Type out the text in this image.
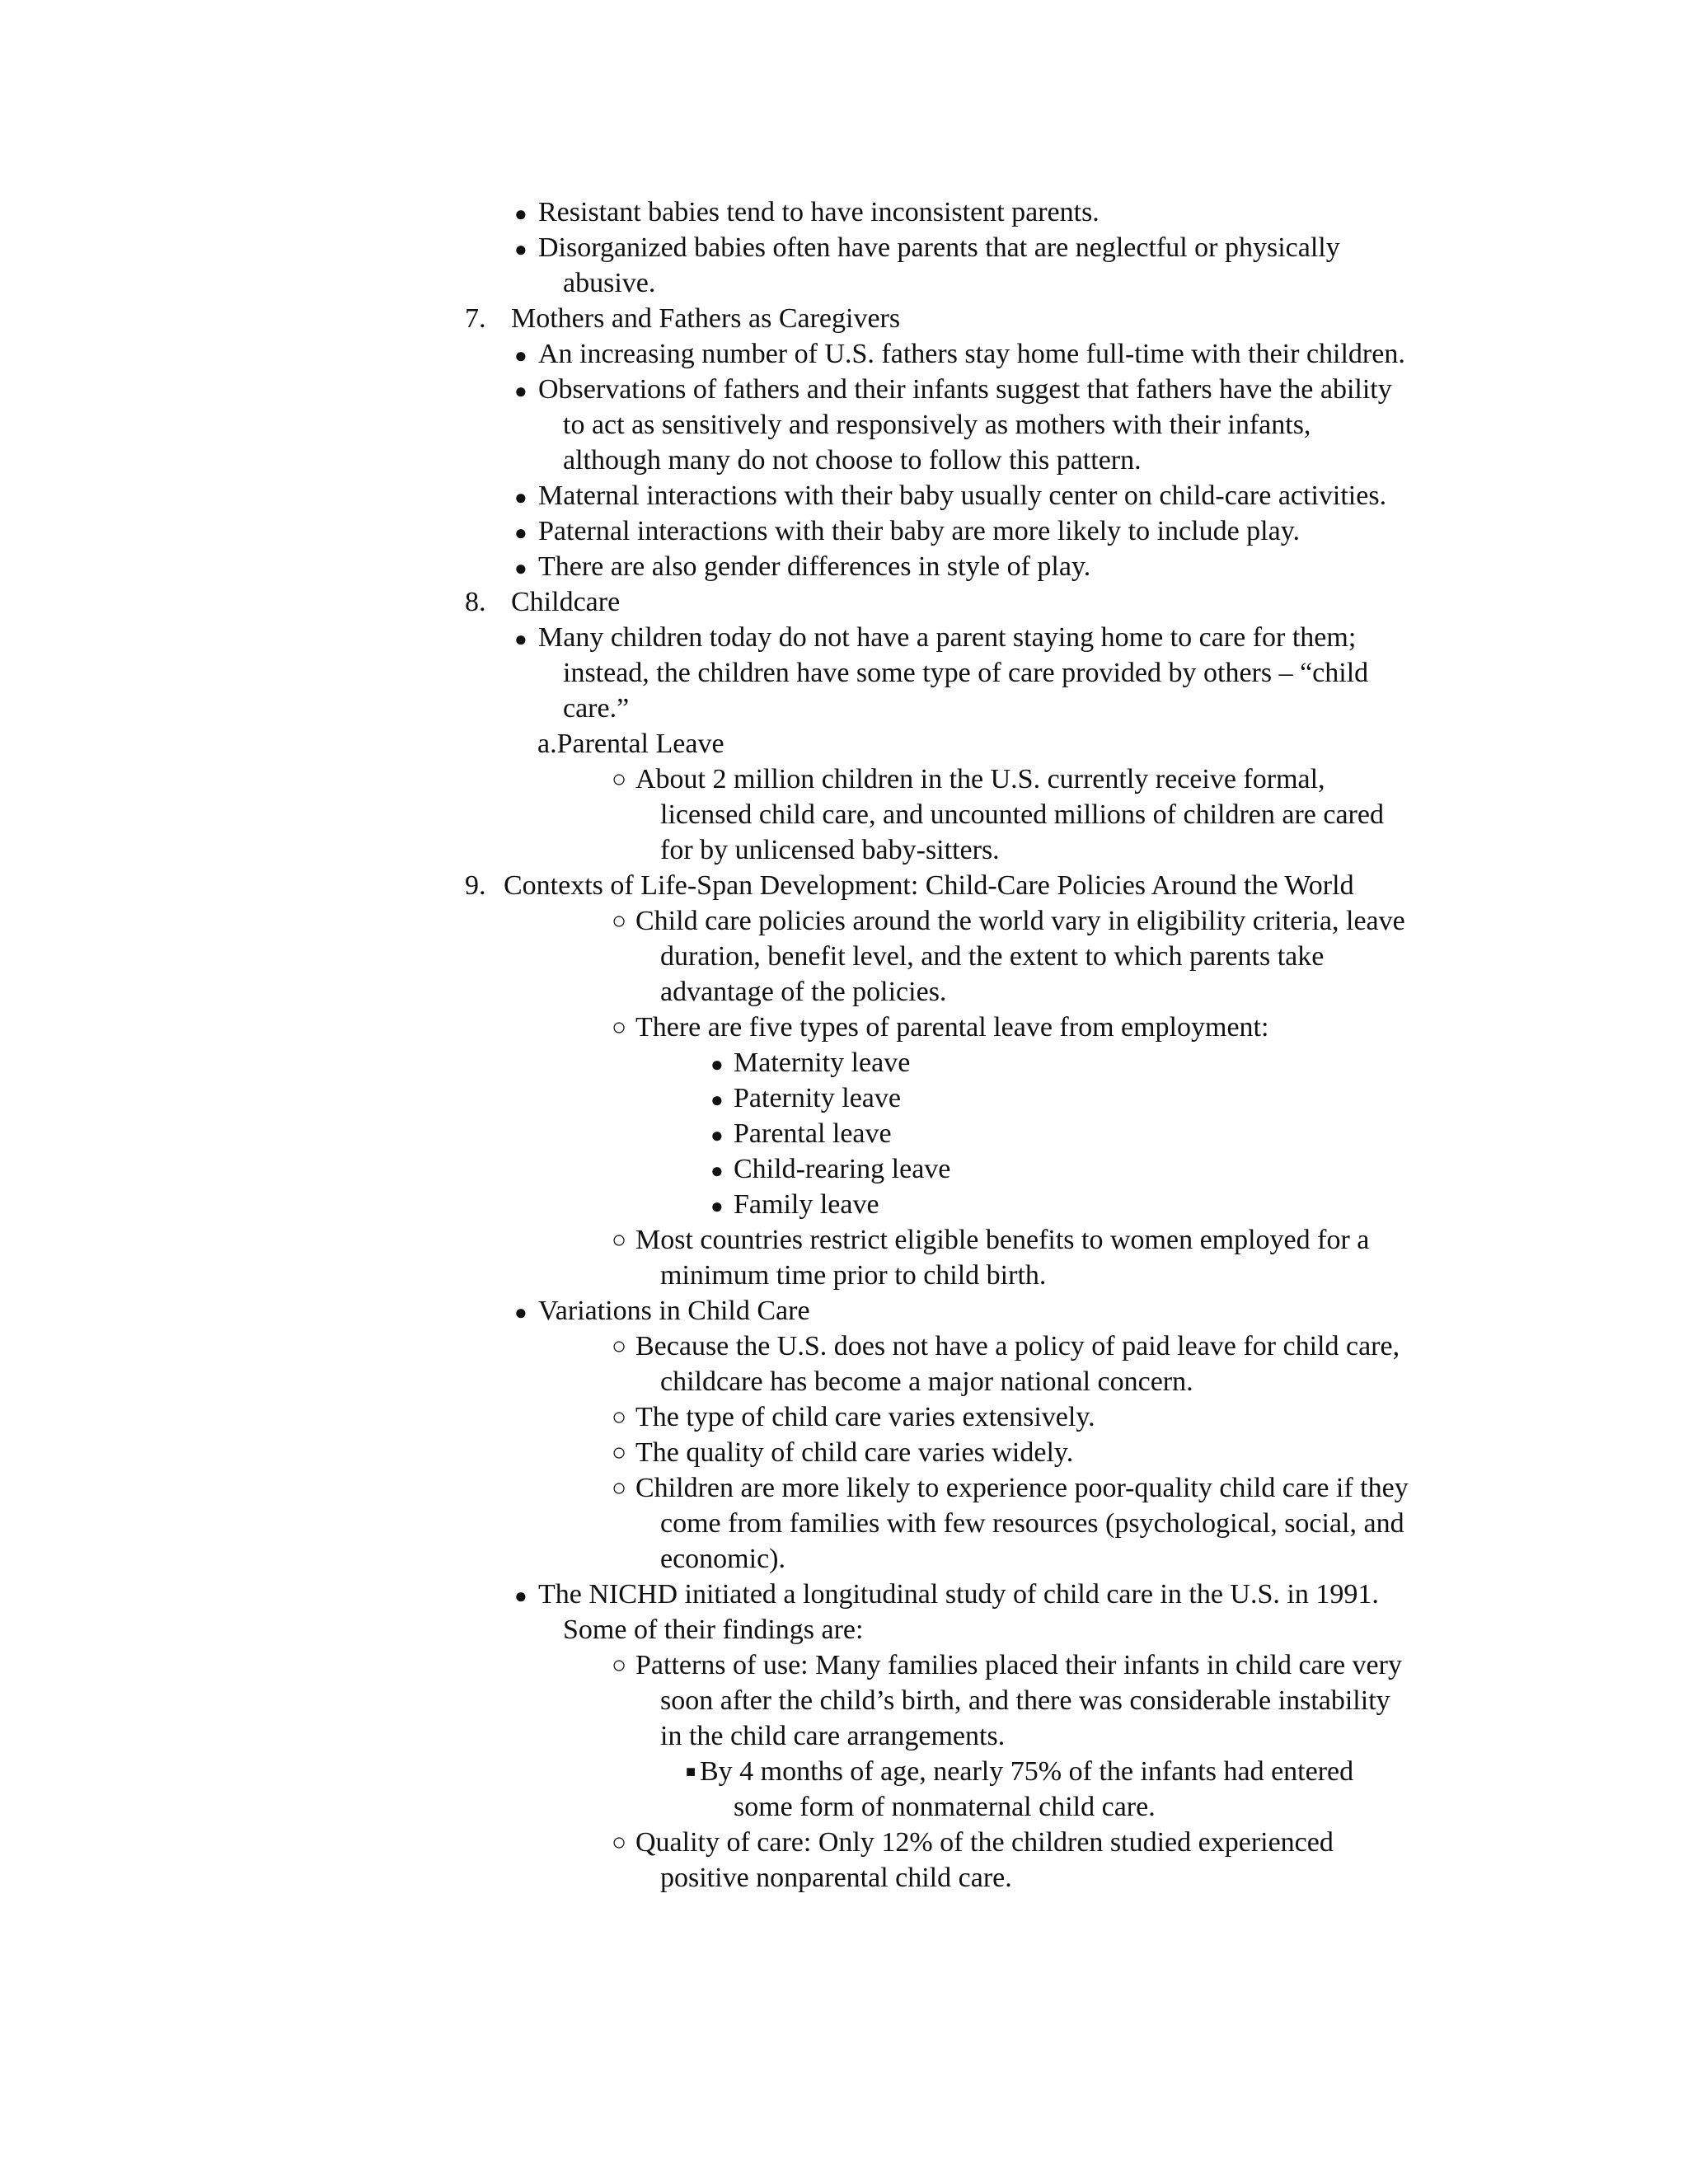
● Resistant babies tend to have inconsistent parents.
● Disorganized babies often have parents that are neglectful or physically
abusive.
7. Mothers and Fathers as Caregivers
● An increasing number of U.S. fathers stay home full-time with their children.
● Observations of fathers and their infants suggest that fathers have the ability
to act as sensitively and responsively as mothers with their infants,
although many do not choose to follow this pattern.
● Maternal interactions with their baby usually center on child-care activities.
● Paternal interactions with their baby are more likely to include play.
● There are also gender differences in style of play.
8. Childcare
● Many children today do not have a parent staying home to care for them;
instead, the children have some type of care provided by others – “child
care.”
a.Parental Leave
○ About 2 million children in the U.S. currently receive formal,
licensed child care, and uncounted millions of children are cared
for by unlicensed baby-sitters.
9. Contexts of Life-Span Development: Child-Care Policies Around the World
○ Child care policies around the world vary in eligibility criteria, leave
duration, benefit level, and the extent to which parents take
advantage of the policies.
○ There are five types of parental leave from employment:
● Maternity leave
● Paternity leave
● Parental leave
● Child-rearing leave
● Family leave
○ Most countries restrict eligible benefits to women employed for a
minimum time prior to child birth.
● Variations in Child Care
○ Because the U.S. does not have a policy of paid leave for child care,
childcare has become a major national concern.
○ The type of child care varies extensively.
○ The quality of child care varies widely.
○ Children are more likely to experience poor-quality child care if they
come from families with few resources (psychological, social, and
economic).
● The NICHD initiated a longitudinal study of child care in the U.S. in 1991.
Some of their findings are:
○ Patterns of use: Many families placed their infants in child care very
soon after the child’s birth, and there was considerable instability
in the child care arrangements.
■ By 4 months of age, nearly 75% of the infants had entered
some form of nonmaternal child care.
○ Quality of care: Only 12% of the children studied experienced
positive nonparental child care.
